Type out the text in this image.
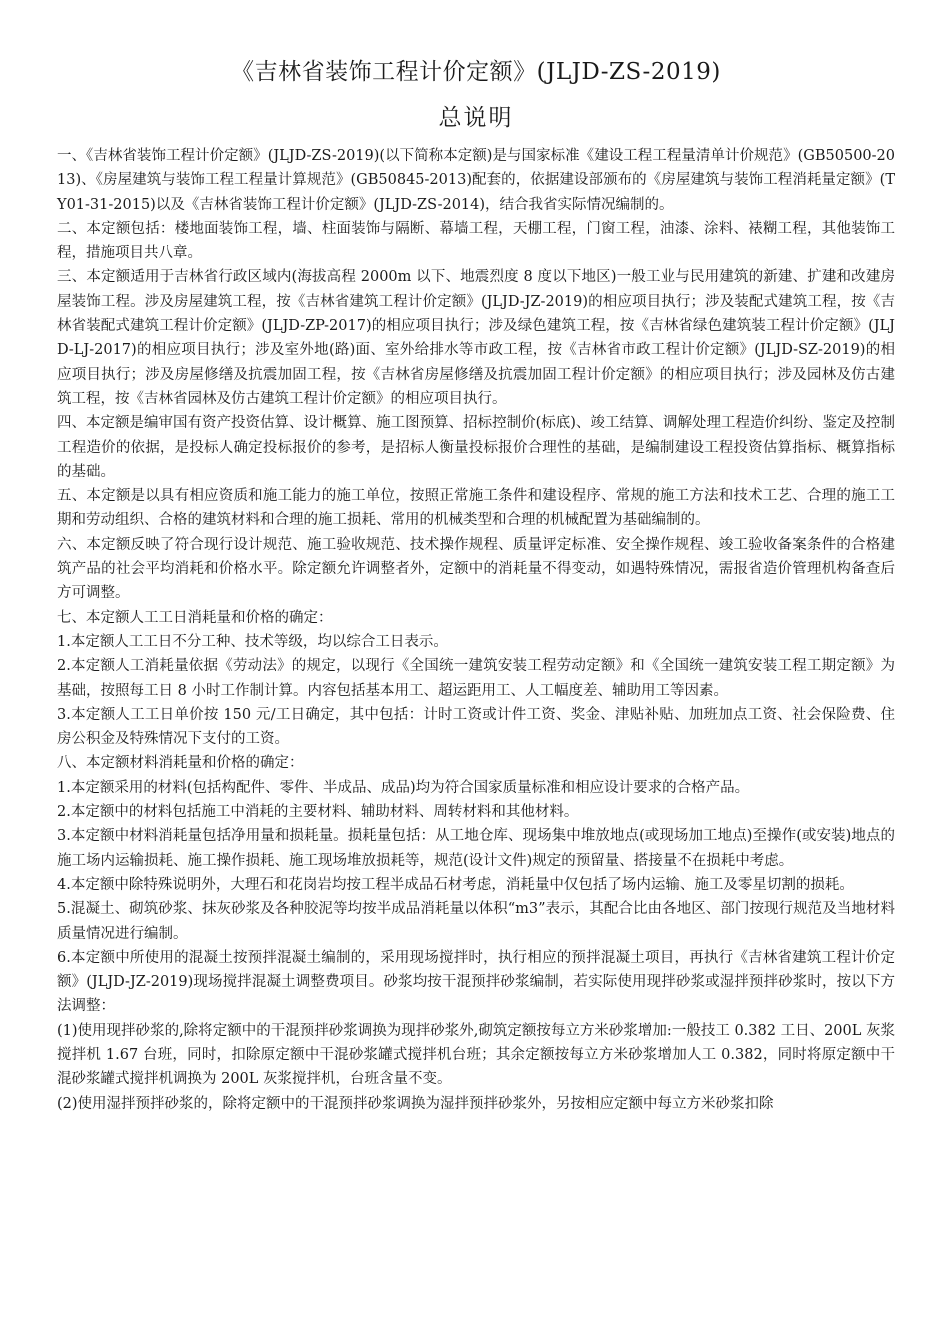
《吉林省装饰工程计价定额》(JLJD-ZS-2019)
总说明

一、《吉林省装饰工程计价定额》(JLJD-ZS-2019)(以下简称本定额)是与国家标准《建设工程工程量清单计价规范》(GB50500-2013)、《房屋建筑与装饰工程工程量计算规范》(GB50845-2013)配套的，依据建设部颁布的《房屋建筑与装饰工程消耗量定额》(TY01-31-2015)以及《吉林省装饰工程计价定额》(JLJD-ZS-2014)，结合我省实际情况编制的。

二、本定额包括：楼地面装饰工程，墙、柱面装饰与隔断、幕墙工程，天棚工程，门窗工程，油漆、涂料、裱糊工程，其他装饰工程，措施项目共八章。

三、本定额适用于吉林省行政区域内(海拔高程 2000m 以下、地震烈度 8 度以下地区)一般工业与民用建筑的新建、扩建和改建房屋装饰工程。涉及房屋建筑工程，按《吉林省建筑工程计价定额》(JLJD-JZ-2019)的相应项目执行；涉及装配式建筑工程，按《吉林省装配式建筑工程计价定额》(JLJD-ZP-2017)的相应项目执行；涉及绿色建筑工程，按《吉林省绿色建筑装工程计价定额》(JLJD-LJ-2017)的相应项目执行；涉及室外地(路)面、室外给排水等市政工程，按《吉林省市政工程计价定额》(JLJD-SZ-2019)的相应项目执行；涉及房屋修缮及抗震加固工程，按《吉林省房屋修缮及抗震加固工程计价定额》的相应项目执行；涉及园林及仿古建筑工程，按《吉林省园林及仿古建筑工程计价定额》的相应项目执行。

四、本定额是编审国有资产投资估算、设计概算、施工图预算、招标控制价(标底)、竣工结算、调解处理工程造价纠纷、鉴定及控制工程造价的依据，是投标人确定投标报价的参考，是招标人衡量投标报价合理性的基础，是编制建设工程投资估算指标、概算指标的基础。

五、本定额是以具有相应资质和施工能力的施工单位，按照正常施工条件和建设程序、常规的施工方法和技术工艺、合理的施工工期和劳动组织、合格的建筑材料和合理的施工损耗、常用的机械类型和合理的机械配置为基础编制的。

六、本定额反映了符合现行设计规范、施工验收规范、技术操作规程、质量评定标准、安全操作规程、竣工验收备案条件的合格建筑产品的社会平均消耗和价格水平。除定额允许调整者外，定额中的消耗量不得变动，如遇特殊情况，需报省造价管理机构备查后方可调整。

七、本定额人工工日消耗量和价格的确定：

1.本定额人工工日不分工种、技术等级，均以综合工日表示。

2.本定额人工消耗量依据《劳动法》的规定，以现行《全国统一建筑安装工程劳动定额》和《全国统一建筑安装工程工期定额》为基础，按照每工日 8 小时工作制计算。内容包括基本用工、超运距用工、人工幅度差、辅助用工等因素。

3.本定额人工工日单价按 150 元/工日确定，其中包括：计时工资或计件工资、奖金、津贴补贴、加班加点工资、社会保险费、住房公积金及特殊情况下支付的工资。

八、本定额材料消耗量和价格的确定：

1.本定额采用的材料(包括构配件、零件、半成品、成品)均为符合国家质量标准和相应设计要求的合格产品。

2.本定额中的材料包括施工中消耗的主要材料、辅助材料、周转材料和其他材料。

3.本定额中材料消耗量包括净用量和损耗量。损耗量包括：从工地仓库、现场集中堆放地点(或现场加工地点)至操作(或安装)地点的施工场内运输损耗、施工操作损耗、施工现场堆放损耗等，规范(设计文件)规定的预留量、搭接量不在损耗中考虑。

4.本定额中除特殊说明外，大理石和花岗岩均按工程半成品石材考虑，消耗量中仅包括了场内运输、施工及零星切割的损耗。

5.混凝土、砌筑砂浆、抹灰砂浆及各种胶泥等均按半成品消耗量以体积“m3”表示，其配合比由各地区、部门按现行规范及当地材料质量情况进行编制。

6.本定额中所使用的混凝土按预拌混凝土编制的，采用现场搅拌时，执行相应的预拌混凝土项目，再执行《吉林省建筑工程计价定额》(JLJD-JZ-2019)现场搅拌混凝土调整费项目。砂浆均按干混预拌砂浆编制，若实际使用现拌砂浆或湿拌预拌砂浆时，按以下方法调整：

(1)使用现拌砂浆的,除将定额中的干混预拌砂浆调换为现拌砂浆外,砌筑定额按每立方米砂浆增加:一般技工 0.382 工日、200L 灰浆搅拌机 1.67 台班，同时，扣除原定额中干混砂浆罐式搅拌机台班；其余定额按每立方米砂浆增加人工 0.382，同时将原定额中干混砂浆罐式搅拌机调换为 200L 灰浆搅拌机，台班含量不变。

(2)使用湿拌预拌砂浆的，除将定额中的干混预拌砂浆调换为湿拌预拌砂浆外，另按相应定额中每立方米砂浆扣除
